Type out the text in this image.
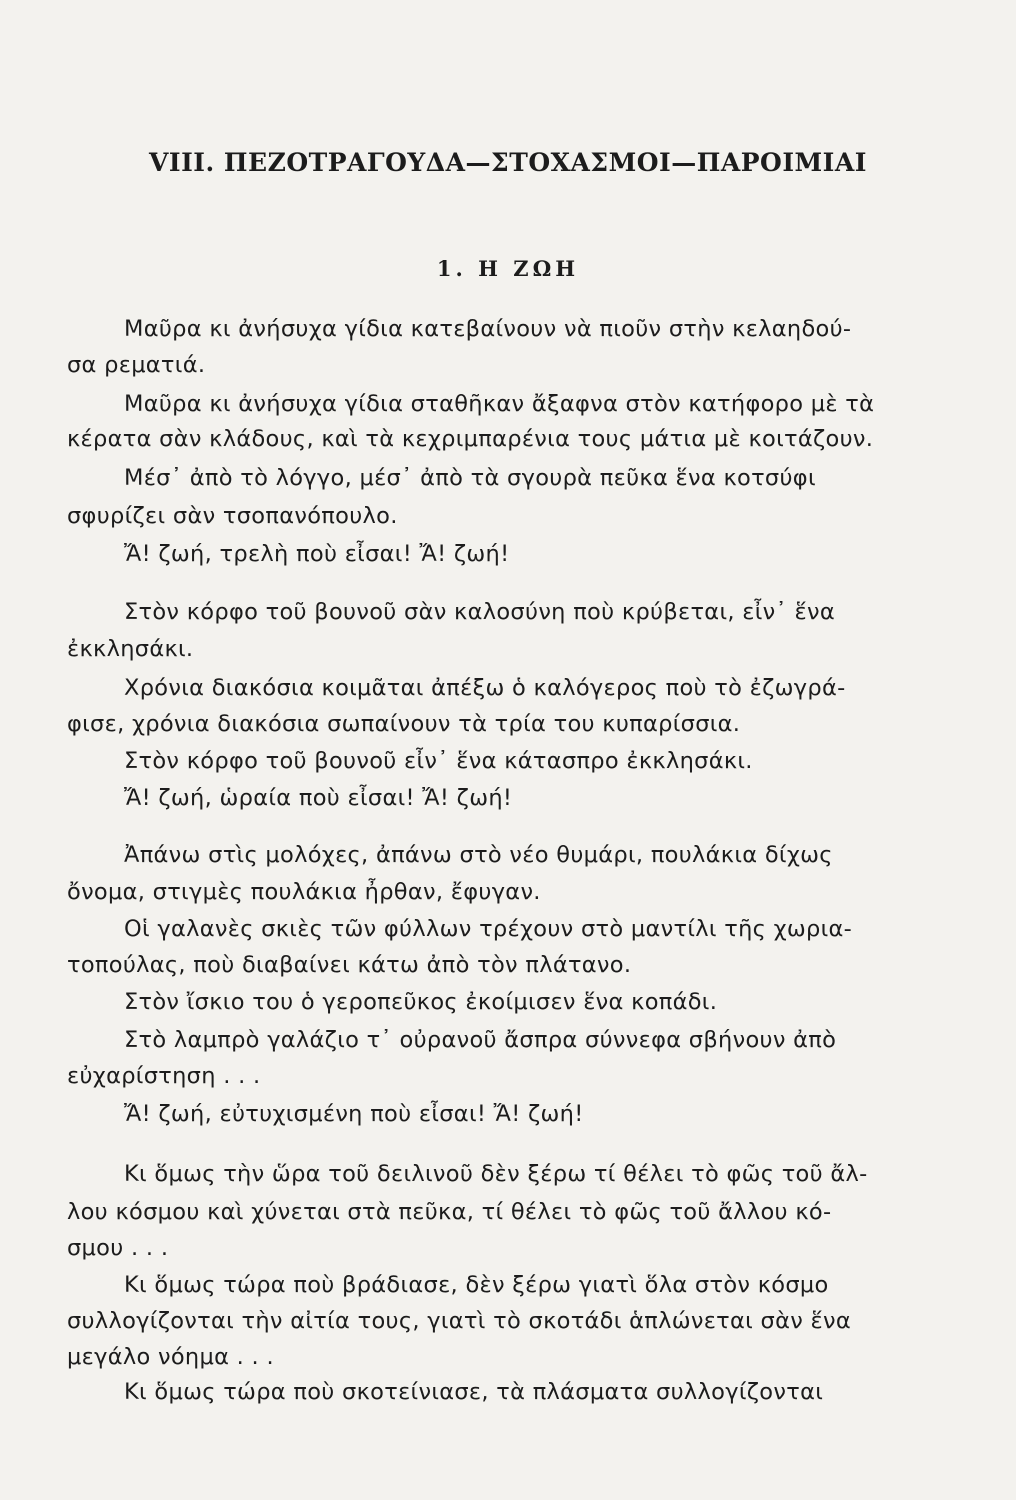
VIII. ΠΕΖΟΤΡΑΓΟΥΔΑ—ΣΤΟΧΑΣΜΟΙ—ΠΑΡΟΙΜΙΑΙ
1. Η ΖΩΗ
Μαῦρα κι ἀνήσυχα γίδια κατεβαίνουν νὰ πιοῦν στὴν κελαηδού-
σα ρεματιά.
Μαῦρα κι ἀνήσυχα γίδια σταθῆκαν ἄξαφνα στὸν κατήφορο μὲ τὰ
κέρατα σὰν κλάδους, καὶ τὰ κεχριμπαρένια τους μάτια μὲ κοιτάζουν.
Μέσ᾽ ἀπὸ τὸ λόγγο, μέσ᾽ ἀπὸ τὰ σγουρὰ πεῦκα ἕνα κοτσύφι
σφυρίζει σὰν τσοπανόπουλο.
Ἄ! ζωή, τρελὴ ποὺ εἶσαι! Ἄ! ζωή!
Στὸν κόρφο τοῦ βουνοῦ σὰν καλοσύνη ποὺ κρύβεται, εἶν᾽ ἕνα
ἐκκλησάκι.
Χρόνια διακόσια κοιμᾶται ἀπέξω ὁ καλόγερος ποὺ τὸ ἐζωγρά-
φισε, χρόνια διακόσια σωπαίνουν τὰ τρία του κυπαρίσσια.
Στὸν κόρφο τοῦ βουνοῦ εἶν᾽ ἕνα κάτασπρο ἐκκλησάκι.
Ἄ! ζωή, ὡραία ποὺ εἶσαι! Ἄ! ζωή!
Ἀπάνω στὶς μολόχες, ἀπάνω στὸ νέο θυμάρι, πουλάκια δίχως
ὄνομα, στιγμὲς πουλάκια ἦρθαν, ἔφυγαν.
Οἱ γαλανὲς σκιὲς τῶν φύλλων τρέχουν στὸ μαντίλι τῆς χωρια-
τοπούλας, ποὺ διαβαίνει κάτω ἀπὸ τὸν πλάτανο.
Στὸν ἴσκιο του ὁ γεροπεῦκος ἐκοίμισεν ἕνα κοπάδι.
Στὸ λαμπρὸ γαλάζιο τ᾽ οὐρανοῦ ἄσπρα σύννεφα σβήνουν ἀπὸ
εὐχαρίστηση . . .
Ἄ! ζωή, εὐτυχισμένη ποὺ εἶσαι! Ἄ! ζωή!
Κι ὅμως τὴν ὥρα τοῦ δειλινοῦ δὲν ξέρω τί θέλει τὸ φῶς τοῦ ἄλ-
λου κόσμου καὶ χύνεται στὰ πεῦκα, τί θέλει τὸ φῶς τοῦ ἄλλου κό-
σμου . . .
Κι ὅμως τώρα ποὺ βράδιασε, δὲν ξέρω γιατὶ ὅλα στὸν κόσμο
συλλογίζονται τὴν αἰτία τους, γιατὶ τὸ σκοτάδι ἁπλώνεται σὰν ἕνα
μεγάλο νόημα . . .
Κι ὅμως τώρα ποὺ σκοτείνιασε, τὰ πλάσματα συλλογίζονται
